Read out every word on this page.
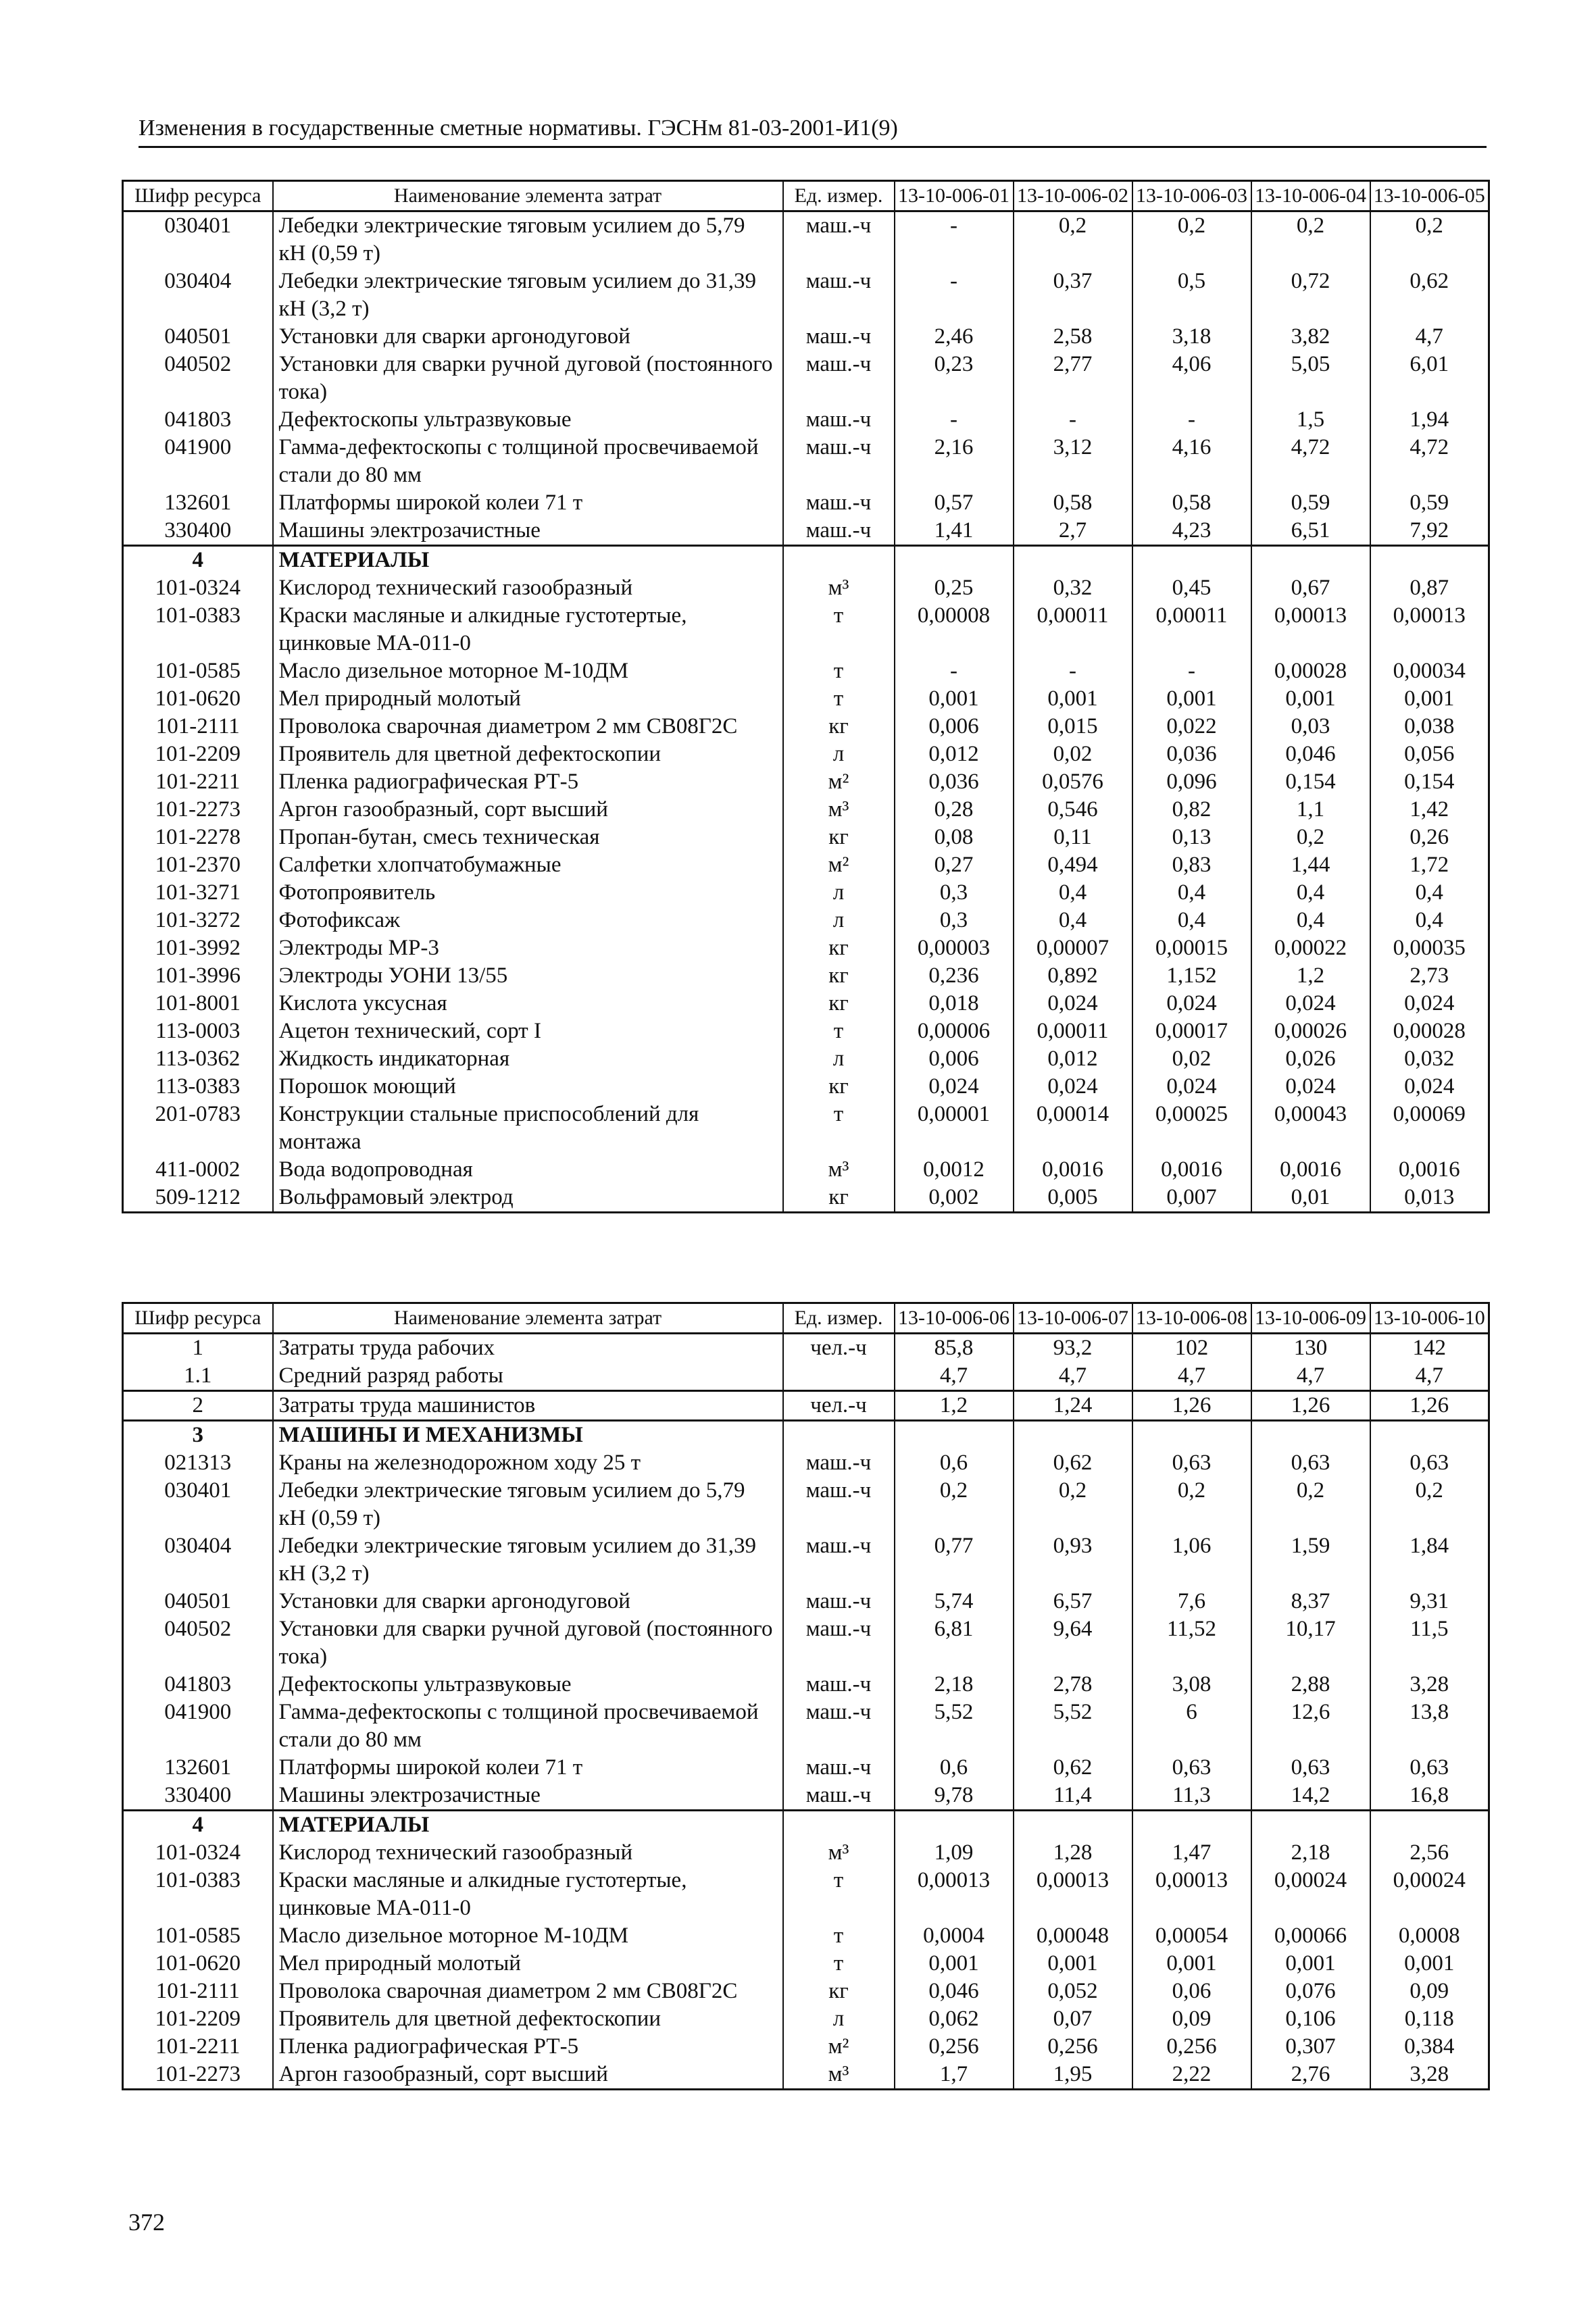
Изменения в государственные сметные нормативы. ГЭСНм 81-03-2001-И1(9)
Шифр ресурса	Наименование элемента затрат	Ед. измер.	13-10-006-01	13-10-006-02	13-10-006-03	13-10-006-04	13-10-006-05
030401	Лебедки электрические тяговым усилием до 5,79 кН (0,59 т)	маш.-ч	-	0,2	0,2	0,2	0,2
030404	Лебедки электрические тяговым усилием до 31,39 кН (3,2 т)	маш.-ч	-	0,37	0,5	0,72	0,62
040501	Установки для сварки аргонодуговой	маш.-ч	2,46	2,58	3,18	3,82	4,7
040502	Установки для сварки ручной дуговой (постоянного тока)	маш.-ч	0,23	2,77	4,06	5,05	6,01
041803	Дефектоскопы ультразвуковые	маш.-ч	-	-	-	1,5	1,94
041900	Гамма-дефектоскопы с толщиной просвечиваемой стали до 80 мм	маш.-ч	2,16	3,12	4,16	4,72	4,72
132601	Платформы широкой колеи 71 т	маш.-ч	0,57	0,58	0,58	0,59	0,59
330400	Машины электрозачистные	маш.-ч	1,41	2,7	4,23	6,51	7,92
4	МАТЕРИАЛЫ						
101-0324	Кислород технический газообразный	м³	0,25	0,32	0,45	0,67	0,87
101-0383	Краски масляные и алкидные густотертые, цинковые МА-011-0	т	0,00008	0,00011	0,00011	0,00013	0,00013
101-0585	Масло дизельное моторное М-10ДМ	т	-	-	-	0,00028	0,00034
101-0620	Мел природный молотый	т	0,001	0,001	0,001	0,001	0,001
101-2111	Проволока сварочная диаметром 2 мм СВ08Г2С	кг	0,006	0,015	0,022	0,03	0,038
101-2209	Проявитель для цветной дефектоскопии	л	0,012	0,02	0,036	0,046	0,056
101-2211	Пленка радиографическая РТ-5	м²	0,036	0,0576	0,096	0,154	0,154
101-2273	Аргон газообразный, сорт высший	м³	0,28	0,546	0,82	1,1	1,42
101-2278	Пропан-бутан, смесь техническая	кг	0,08	0,11	0,13	0,2	0,26
101-2370	Салфетки хлопчатобумажные	м²	0,27	0,494	0,83	1,44	1,72
101-3271	Фотопроявитель	л	0,3	0,4	0,4	0,4	0,4
101-3272	Фотофиксаж	л	0,3	0,4	0,4	0,4	0,4
101-3992	Электроды МР-3	кг	0,00003	0,00007	0,00015	0,00022	0,00035
101-3996	Электроды УОНИ 13/55	кг	0,236	0,892	1,152	1,2	2,73
101-8001	Кислота уксусная	кг	0,018	0,024	0,024	0,024	0,024
113-0003	Ацетон технический, сорт I	т	0,00006	0,00011	0,00017	0,00026	0,00028
113-0362	Жидкость индикаторная	л	0,006	0,012	0,02	0,026	0,032
113-0383	Порошок моющий	кг	0,024	0,024	0,024	0,024	0,024
201-0783	Конструкции стальные приспособлений для монтажа	т	0,00001	0,00014	0,00025	0,00043	0,00069
411-0002	Вода водопроводная	м³	0,0012	0,0016	0,0016	0,0016	0,0016
509-1212	Вольфрамовый электрод	кг	0,002	0,005	0,007	0,01	0,013
Шифр ресурса	Наименование элемента затрат	Ед. измер.	13-10-006-06	13-10-006-07	13-10-006-08	13-10-006-09	13-10-006-10
1	Затраты труда рабочих	чел.-ч	85,8	93,2	102	130	142
1.1	Средний разряд работы		4,7	4,7	4,7	4,7	4,7
2	Затраты труда машинистов	чел.-ч	1,2	1,24	1,26	1,26	1,26
3	МАШИНЫ И МЕХАНИЗМЫ						
021313	Краны на железнодорожном ходу 25 т	маш.-ч	0,6	0,62	0,63	0,63	0,63
030401	Лебедки электрические тяговым усилием до 5,79 кН (0,59 т)	маш.-ч	0,2	0,2	0,2	0,2	0,2
030404	Лебедки электрические тяговым усилием до 31,39 кН (3,2 т)	маш.-ч	0,77	0,93	1,06	1,59	1,84
040501	Установки для сварки аргонодуговой	маш.-ч	5,74	6,57	7,6	8,37	9,31
040502	Установки для сварки ручной дуговой (постоянного тока)	маш.-ч	6,81	9,64	11,52	10,17	11,5
041803	Дефектоскопы ультразвуковые	маш.-ч	2,18	2,78	3,08	2,88	3,28
041900	Гамма-дефектоскопы с толщиной просвечиваемой стали до 80 мм	маш.-ч	5,52	5,52	6	12,6	13,8
132601	Платформы широкой колеи 71 т	маш.-ч	0,6	0,62	0,63	0,63	0,63
330400	Машины электрозачистные	маш.-ч	9,78	11,4	11,3	14,2	16,8
4	МАТЕРИАЛЫ						
101-0324	Кислород технический газообразный	м³	1,09	1,28	1,47	2,18	2,56
101-0383	Краски масляные и алкидные густотертые, цинковые МА-011-0	т	0,00013	0,00013	0,00013	0,00024	0,00024
101-0585	Масло дизельное моторное М-10ДМ	т	0,0004	0,00048	0,00054	0,00066	0,0008
101-0620	Мел природный молотый	т	0,001	0,001	0,001	0,001	0,001
101-2111	Проволока сварочная диаметром 2 мм СВ08Г2С	кг	0,046	0,052	0,06	0,076	0,09
101-2209	Проявитель для цветной дефектоскопии	л	0,062	0,07	0,09	0,106	0,118
101-2211	Пленка радиографическая РТ-5	м²	0,256	0,256	0,256	0,307	0,384
101-2273	Аргон газообразный, сорт высший	м³	1,7	1,95	2,22	2,76	3,28
372
